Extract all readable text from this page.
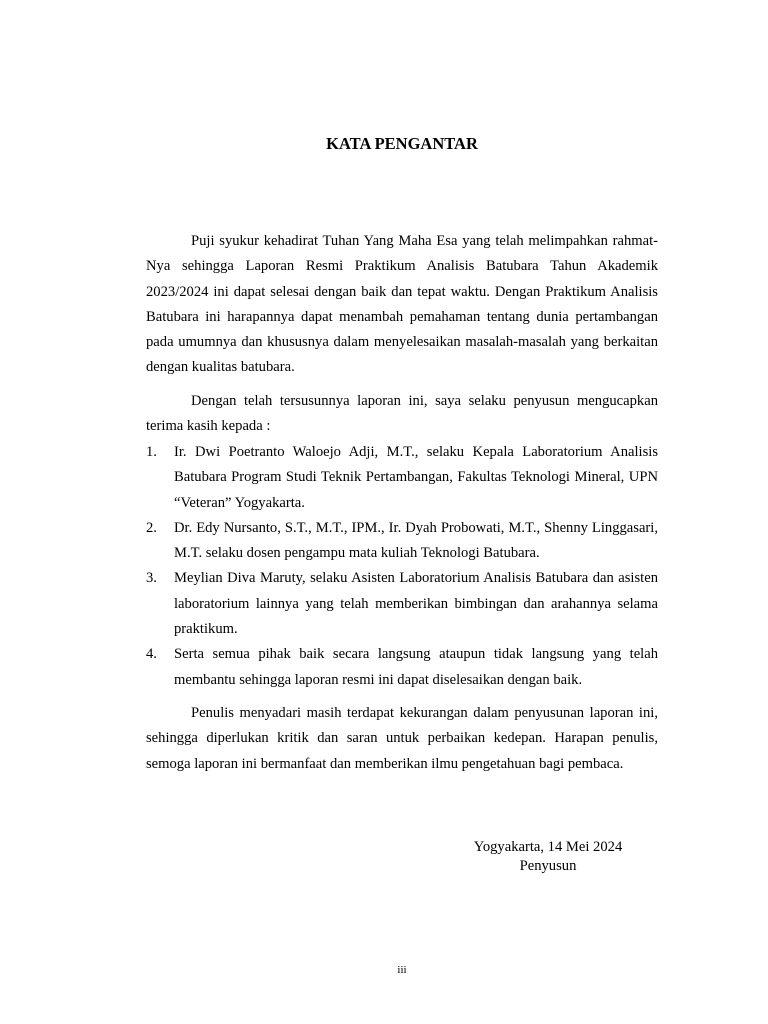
KATA PENGANTAR

Puji syukur kehadirat Tuhan Yang Maha Esa yang telah melimpahkan rahmat-Nya sehingga Laporan Resmi Praktikum Analisis Batubara Tahun Akademik 2023/2024 ini dapat selesai dengan baik dan tepat waktu. Dengan Praktikum Analisis Batubara ini harapannya dapat menambah pemahaman tentang dunia pertambangan pada umumnya dan khususnya dalam menyelesaikan masalah-masalah yang berkaitan dengan kualitas batubara.

Dengan telah tersusunnya laporan ini, saya selaku penyusun mengucapkan terima kasih kepada :

1. Ir. Dwi Poetranto Waloejo Adji, M.T., selaku Kepala Laboratorium Analisis Batubara Program Studi Teknik Pertambangan, Fakultas Teknologi Mineral, UPN “Veteran” Yogyakarta.
2. Dr. Edy Nursanto, S.T., M.T., IPM., Ir. Dyah Probowati, M.T., Shenny Linggasari, M.T. selaku dosen pengampu mata kuliah Teknologi Batubara.
3. Meylian Diva Maruty, selaku Asisten Laboratorium Analisis Batubara dan asisten laboratorium lainnya yang telah memberikan bimbingan dan arahannya selama praktikum.
4. Serta semua pihak baik secara langsung ataupun tidak langsung yang telah membantu sehingga laporan resmi ini dapat diselesaikan dengan baik.

Penulis menyadari masih terdapat kekurangan dalam penyusunan laporan ini, sehingga diperlukan kritik dan saran untuk perbaikan kedepan. Harapan penulis, semoga laporan ini bermanfaat dan memberikan ilmu pengetahuan bagi pembaca.

Yogyakarta, 14 Mei 2024
Penyusun
iii
